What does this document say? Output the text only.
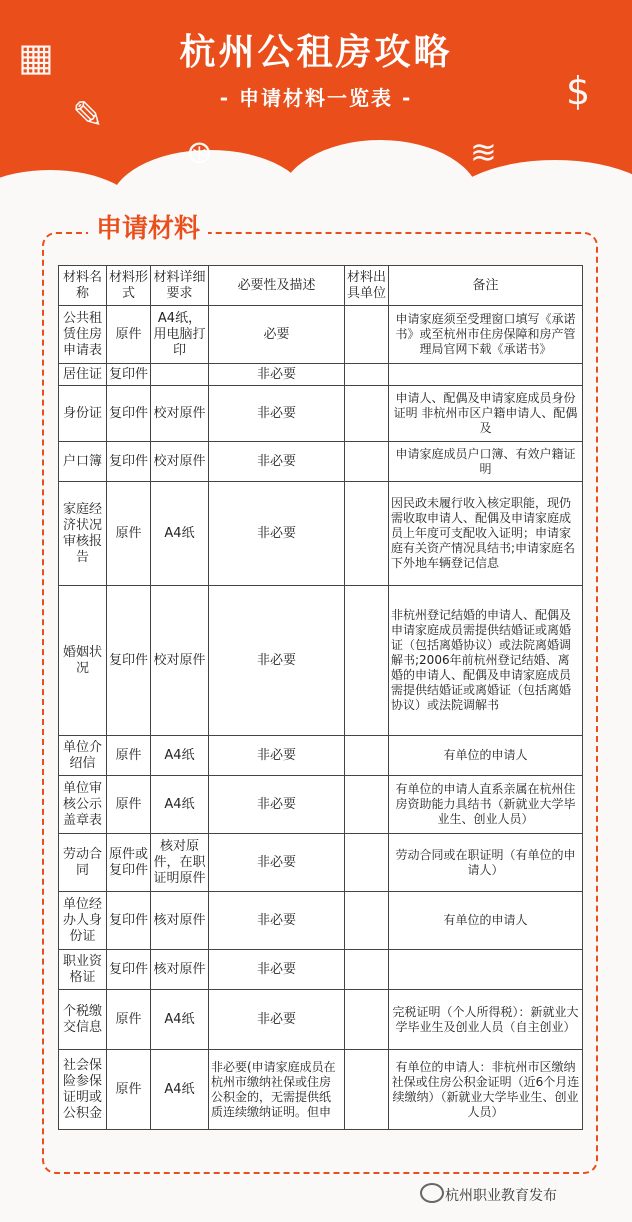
▦
✎
⊛	≋
$
杭州公租房攻略
- 申请材料一览表 -
申请材料
材料名称	材料形式	材料详细要求	必要性及描述	材料出具单位	备注
公共租赁住房申请表	原件	A4纸，用电脑打印	必要		申请家庭须至受理窗口填写《承诺书》或至杭州市住房保障和房产管理局官网下载《承诺书》
居住证	复印件		非必要		
身份证	复印件	校对原件	非必要		申请人、配偶及申请家庭成员身份证明 非杭州市区户籍申请人、配偶及
户口簿	复印件	校对原件	非必要		申请家庭成员户口簿、有效户籍证明
家庭经济状况审核报告	原件	A4纸	非必要		因民政未履行收入核定职能，现仍需收取申请人、配偶及申请家庭成员上年度可支配收入证明；申请家庭有关资产情况具结书;申请家庭名下外地车辆登记信息
婚姻状况	复印件	校对原件	非必要		非杭州登记结婚的申请人、配偶及申请家庭成员需提供结婚证或离婚证（包括离婚协议）或法院离婚调解书;2006年前杭州登记结婚、离婚的申请人、配偶及申请家庭成员需提供结婚证或离婚证（包括离婚协议）或法院调解书
单位介绍信	原件	A4纸	非必要		有单位的申请人
单位审核公示盖章表	原件	A4纸	非必要		有单位的申请人直系亲属在杭州住房资助能力具结书（新就业大学毕业生、创业人员）
劳动合同	原件或复印件	核对原件，在职证明原件	非必要		劳动合同或在职证明（有单位的申请人）
单位经办人身份证	复印件	核对原件	非必要		有单位的申请人
职业资格证	复印件	核对原件	非必要		
个税缴交信息	原件	A4纸	非必要		完税证明（个人所得税）：新就业大学毕业生及创业人员（自主创业）
社会保险参保证明或公积金	原件	A4纸	非必要(申请家庭成员在杭州市缴纳社保或住房公积金的，无需提供纸质连续缴纳证明。但申		有单位的申请人：非杭州市区缴纳社保或住房公积金证明（近6个月连续缴纳）（新就业大学毕业生、创业人员）
杭州职业教育发布
